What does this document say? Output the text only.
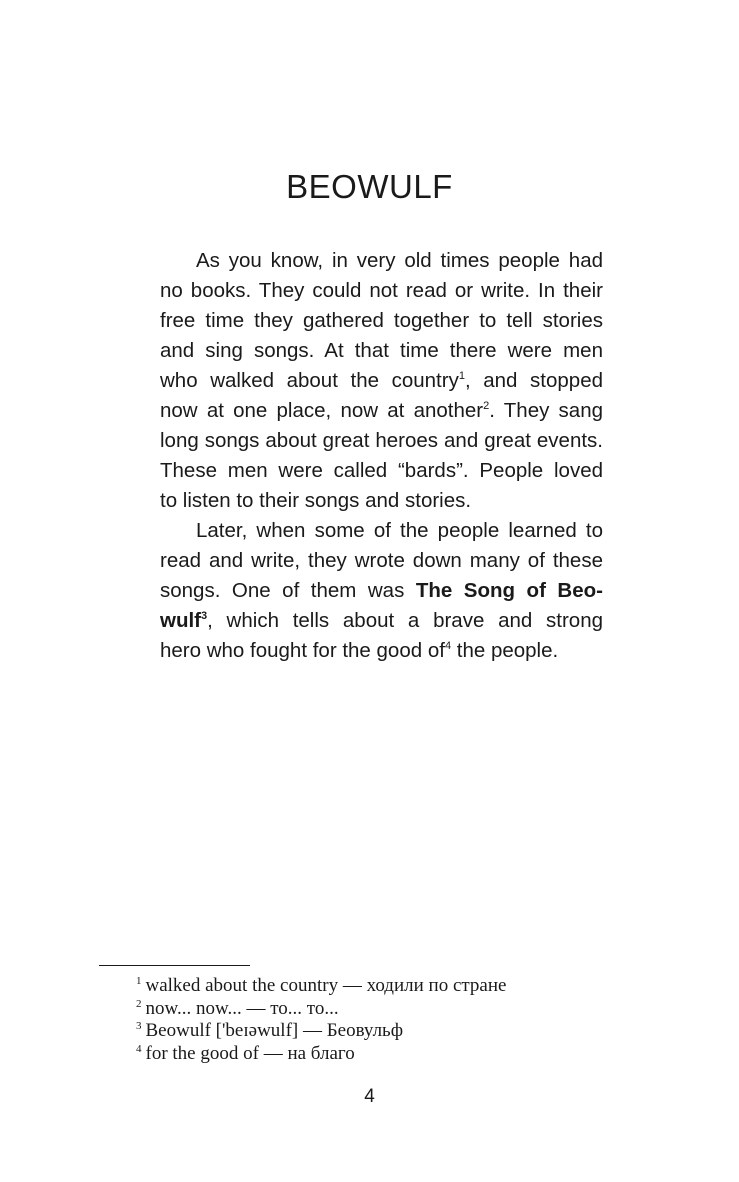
BEOWULF
As you know, in very old times people had
no books. They could not read or write. In their
free time they gathered together to tell stories
and sing songs. At that time there were men
who walked about the country$^1$, and stopped
now at one place, now at another$^2$. They sang
long songs about great heroes and great events.
These men were called “bards”. People loved
to listen to their songs and stories.
Later, when some of the people learned to
read and write, they wrote down many of these
songs. One of them was The Song of Beo-
wulf$^3$, which tells about a brave and strong
hero who fought for the good $of^4$ the people.
$^1$ walked about the country — ходили по стране
$^2$ now... now... — то... то...
$^3$ Beowulf ['beɪəwulf] — Беовульф
$^4$ for the good of — на благо
4
